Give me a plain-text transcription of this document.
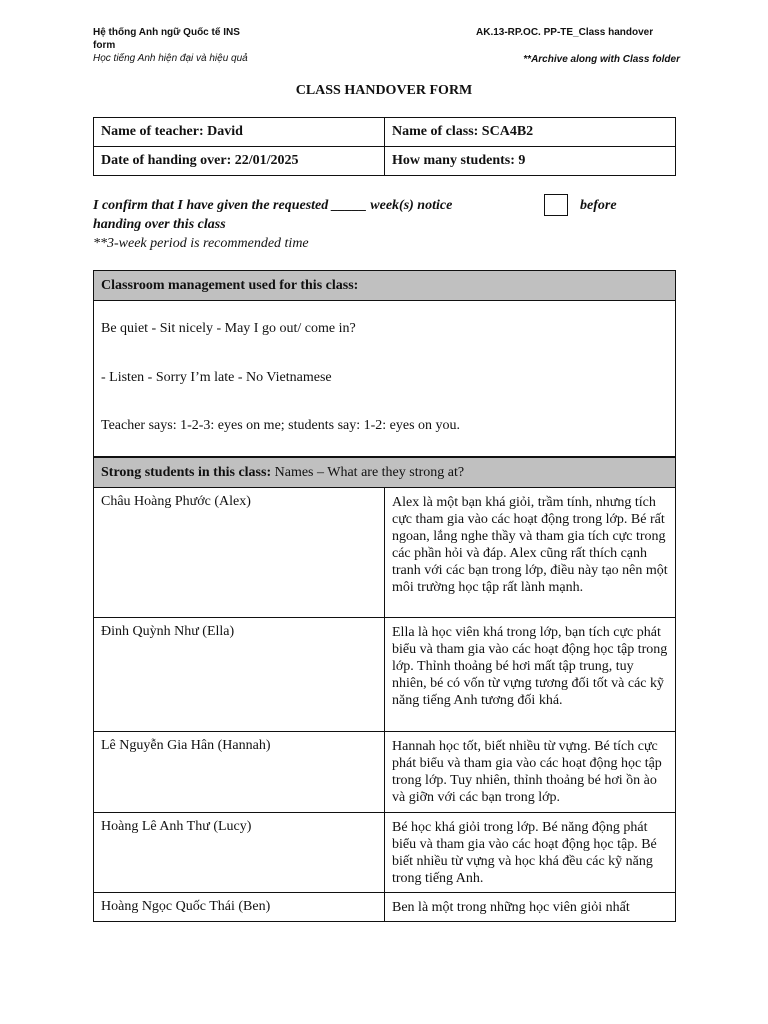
Hệ thống Anh ngữ Quốc tế INS
form
Học tiếng Anh hiện đại và hiệu quả
AK.13-RP.OC. PP-TE_Class handover
**Archive along with Class folder
CLASS HANDOVER FORM
Name of teacher: David	Name of class: SCA4B2
Date of handing over: 22/01/2025	How many students: 9
I confirm that I have given the requested _____ week(s) notice	before
handing over this class
**3-week period is recommended time
Classroom management used for this class:

Be quiet - Sit nicely - May I go out/ come in?

- Listen - Sorry I’m late - No Vietnamese

Teacher says: 1-2-3: eyes on me; students say: 1-2: eyes on you.

Strong students in this class: Names – What are they strong at?	
Châu Hoàng Phước (Alex)	Alex là một bạn khá giỏi, trầm tính, nhưng tích cực tham gia vào các hoạt động trong lớp. Bé rất ngoan, lắng nghe thầy và tham gia tích cực trong các phần hỏi và đáp. Alex cũng rất thích cạnh tranh với các bạn trong lớp, điều này tạo nên một môi trường học tập rất lành mạnh.
Đinh Quỳnh Như (Ella)	Ella là học viên khá trong lớp, bạn tích cực phát biểu và tham gia vào các hoạt động học tập trong lớp. Thỉnh thoảng bé hơi mất tập trung, tuy nhiên, bé có vốn từ vựng tương đối tốt và các kỹ năng tiếng Anh tương đối khá.
Lê Nguyễn Gia Hân (Hannah)	Hannah học tốt, biết nhiều từ vựng. Bé tích cực phát biểu và tham gia vào các hoạt động học tập trong lớp. Tuy nhiên, thỉnh thoảng bé hơi ồn ào và giỡn với các bạn trong lớp.
Hoàng Lê Anh Thư (Lucy)	Bé học khá giỏi trong lớp. Bé năng động phát biểu và tham gia vào các hoạt động học tập. Bé biết nhiều từ vựng và học khá đều các kỹ năng trong tiếng Anh.
Hoàng Ngọc Quốc Thái (Ben)	Ben là một trong những học viên giỏi nhất
